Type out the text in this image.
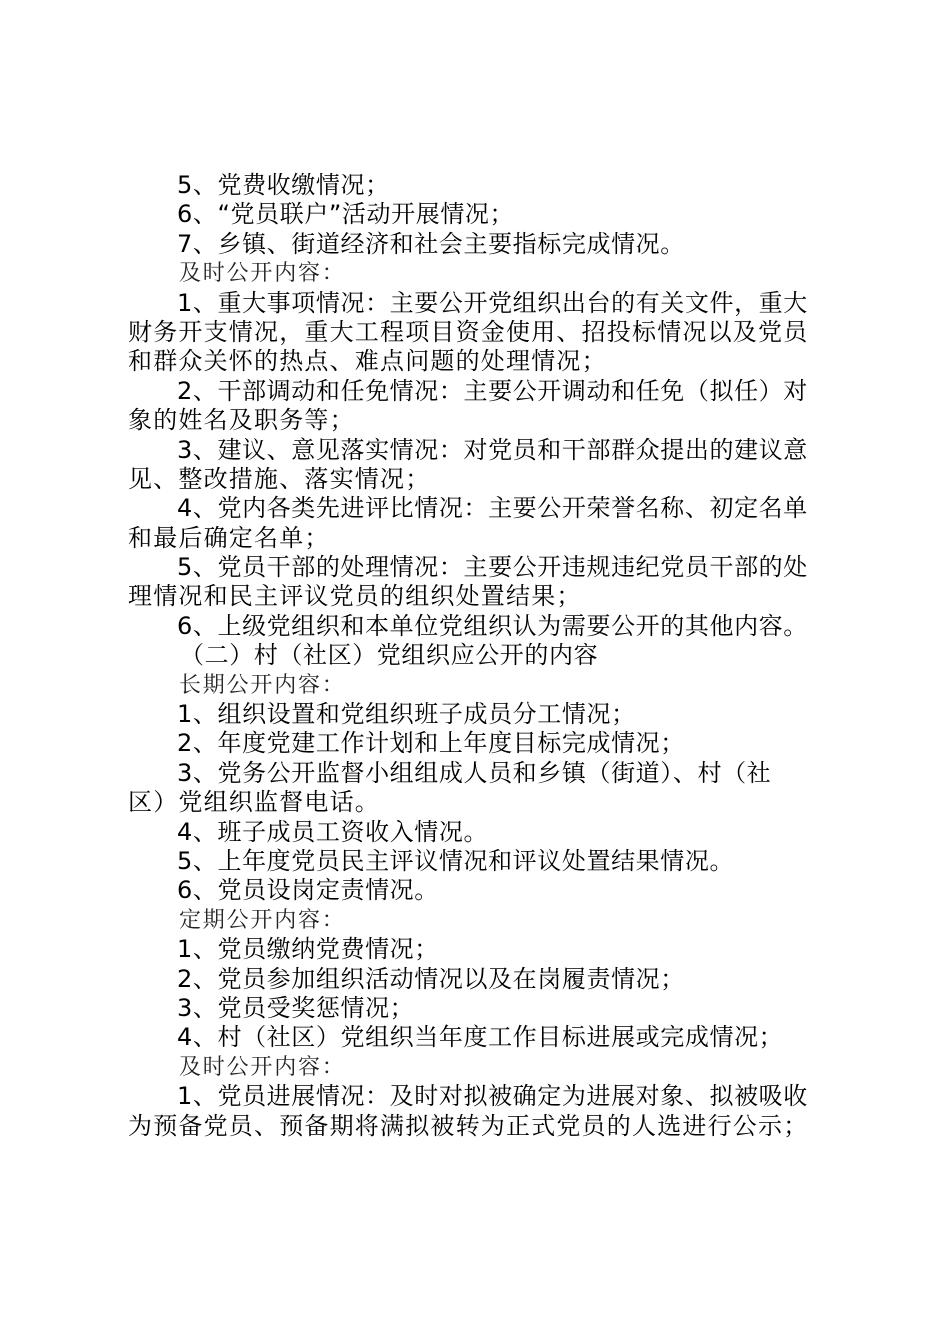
5、党费收缴情况；
6、“党员联户”活动开展情况；
7、乡镇、街道经济和社会主要指标完成情况。
及时公开内容：
1、重大事项情况：主要公开党组织出台的有关文件，重大
财务开支情况，重大工程项目资金使用、招投标情况以及党员
和群众关怀的热点、难点问题的处理情况；
2、干部调动和任免情况：主要公开调动和任免（拟任）对
象的姓名及职务等；
3、建议、意见落实情况：对党员和干部群众提出的建议意
见、整改措施、落实情况；
4、党内各类先进评比情况：主要公开荣誉名称、初定名单
和最后确定名单；
5、党员干部的处理情况：主要公开违规违纪党员干部的处
理情况和民主评议党员的组织处置结果；
6、上级党组织和本单位党组织认为需要公开的其他内容。
（二）村（社区）党组织应公开的内容
长期公开内容：
1、组织设置和党组织班子成员分工情况；
2、年度党建工作计划和上年度目标完成情况；
3、党务公开监督小组组成人员和乡镇（街道）、村（社
区）党组织监督电话。
4、班子成员工资收入情况。
5、上年度党员民主评议情况和评议处置结果情况。
6、党员设岗定责情况。
定期公开内容：
1、党员缴纳党费情况；
2、党员参加组织活动情况以及在岗履责情况；
3、党员受奖惩情况；
4、村（社区）党组织当年度工作目标进展或完成情况；
及时公开内容：
1、党员进展情况：及时对拟被确定为进展对象、拟被吸收
为预备党员、预备期将满拟被转为正式党员的人选进行公示；
